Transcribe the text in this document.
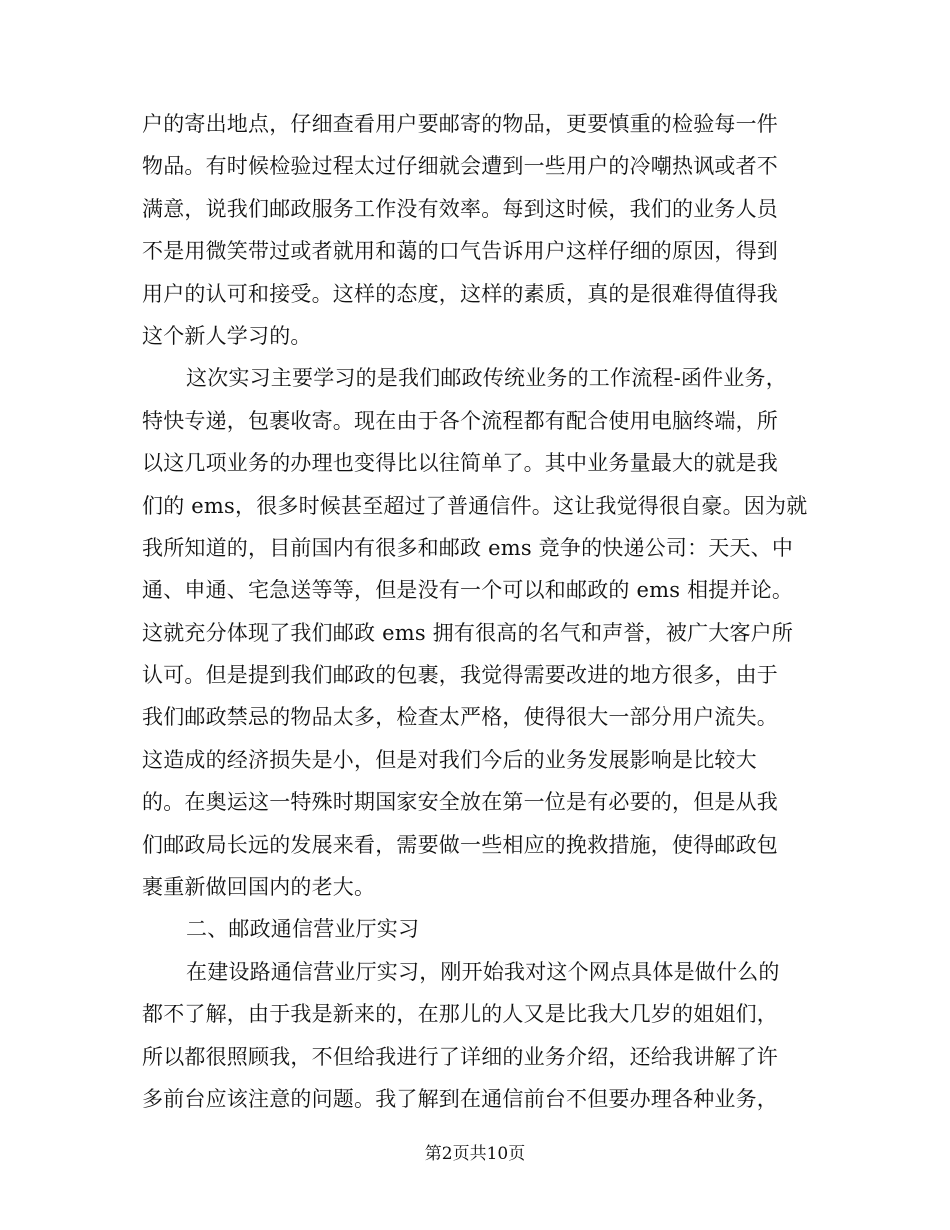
户的寄出地点，仔细查看用户要邮寄的物品，更要慎重的检验每一件
物品。有时候检验过程太过仔细就会遭到一些用户的冷嘲热讽或者不
满意，说我们邮政服务工作没有效率。每到这时候，我们的业务人员
不是用微笑带过或者就用和蔼的口气告诉用户这样仔细的原因，得到
用户的认可和接受。这样的态度，这样的素质，真的是很难得值得我
这个新人学习的。
这次实习主要学习的是我们邮政传统业务的工作流程-函件业务，
特快专递，包裹收寄。现在由于各个流程都有配合使用电脑终端，所
以这几项业务的办理也变得比以往简单了。其中业务量最大的就是我
们的 ems，很多时候甚至超过了普通信件。这让我觉得很自豪。因为就
我所知道的，目前国内有很多和邮政 ems 竞争的快递公司：天天、中
通、申通、宅急送等等，但是没有一个可以和邮政的 ems 相提并论。
这就充分体现了我们邮政 ems 拥有很高的名气和声誉，被广大客户所
认可。但是提到我们邮政的包裹，我觉得需要改进的地方很多，由于
我们邮政禁忌的物品太多，检查太严格，使得很大一部分用户流失。
这造成的经济损失是小，但是对我们今后的业务发展影响是比较大
的。在奥运这一特殊时期国家安全放在第一位是有必要的，但是从我
们邮政局长远的发展来看，需要做一些相应的挽救措施，使得邮政包
裹重新做回国内的老大。
二、邮政通信营业厅实习
在建设路通信营业厅实习，刚开始我对这个网点具体是做什么的
都不了解，由于我是新来的，在那儿的人又是比我大几岁的姐姐们，
所以都很照顾我，不但给我进行了详细的业务介绍，还给我讲解了许
多前台应该注意的问题。我了解到在通信前台不但要办理各种业务，
第2页共10页
